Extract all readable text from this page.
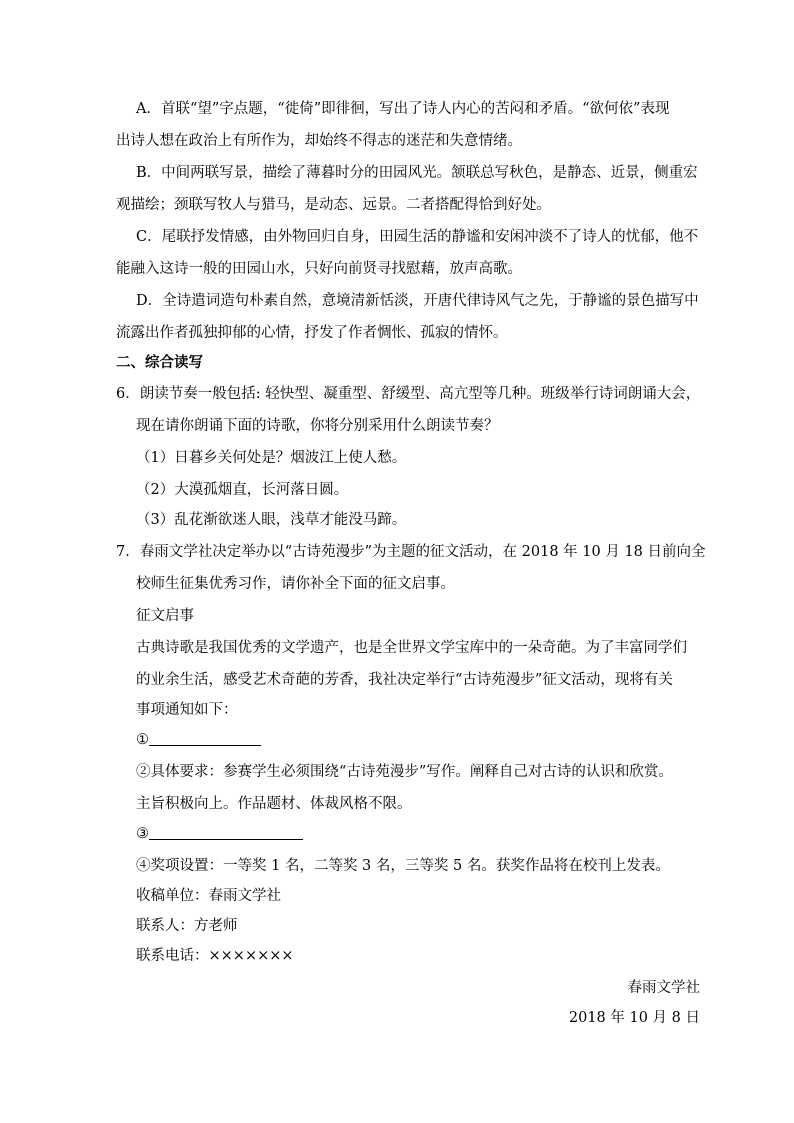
A．首联“望”字点题，“徙倚”即徘徊，写出了诗人内心的苦闷和矛盾。“欲何依”表现
出诗人想在政治上有所作为，却始终不得志的迷茫和失意情绪。
B．中间两联写景，描绘了薄暮时分的田园风光。颔联总写秋色，是静态、近景，侧重宏
观描绘；颈联写牧人与猎马，是动态、远景。二者搭配得恰到好处。
C．尾联抒发情感，由外物回归自身，田园生活的静谧和安闲冲淡不了诗人的忧郁，他不
能融入这诗一般的田园山水，只好向前贤寻找慰藉，放声高歌。
D．全诗遣词造句朴素自然，意境清新恬淡，开唐代律诗风气之先，于静谧的景色描写中
流露出作者孤独抑郁的心情，抒发了作者惆怅、孤寂的情怀。
二、综合读写
6．朗读节奏一般包括: 轻快型、凝重型、舒缓型、高亢型等几种。班级举行诗词朗诵大会，
现在请你朗诵下面的诗歌，你将分别采用什么朗读节奏？
（1）日暮乡关何处是？烟波江上使人愁。
（2）大漠孤烟直，长河落日圆。
（3）乱花渐欲迷人眼，浅草才能没马蹄。
7．春雨文学社决定举办以“古诗苑漫步”为主题的征文活动，在 2018 年 10 月 18 日前向全
校师生征集优秀习作，请你补全下面的征文启事。
征文启事
古典诗歌是我国优秀的文学遗产，也是全世界文学宝库中的一朵奇葩。为了丰富同学们
的业余生活，感受艺术奇葩的芳香，我社决定举行“古诗苑漫步”征文活动，现将有关
事项通知如下：
①
②具体要求：参赛学生必须围绕“古诗苑漫步”写作。阐释自己对古诗的认识和欣赏。
主旨积极向上。作品题材、体裁风格不限。
③
④奖项设置：一等奖 1 名，二等奖 3 名，三等奖 5 名。获奖作品将在校刊上发表。
收稿单位：春雨文学社
联系人：方老师
联系电话：×××××××
春雨文学社
2018 年 10 月 8 日
